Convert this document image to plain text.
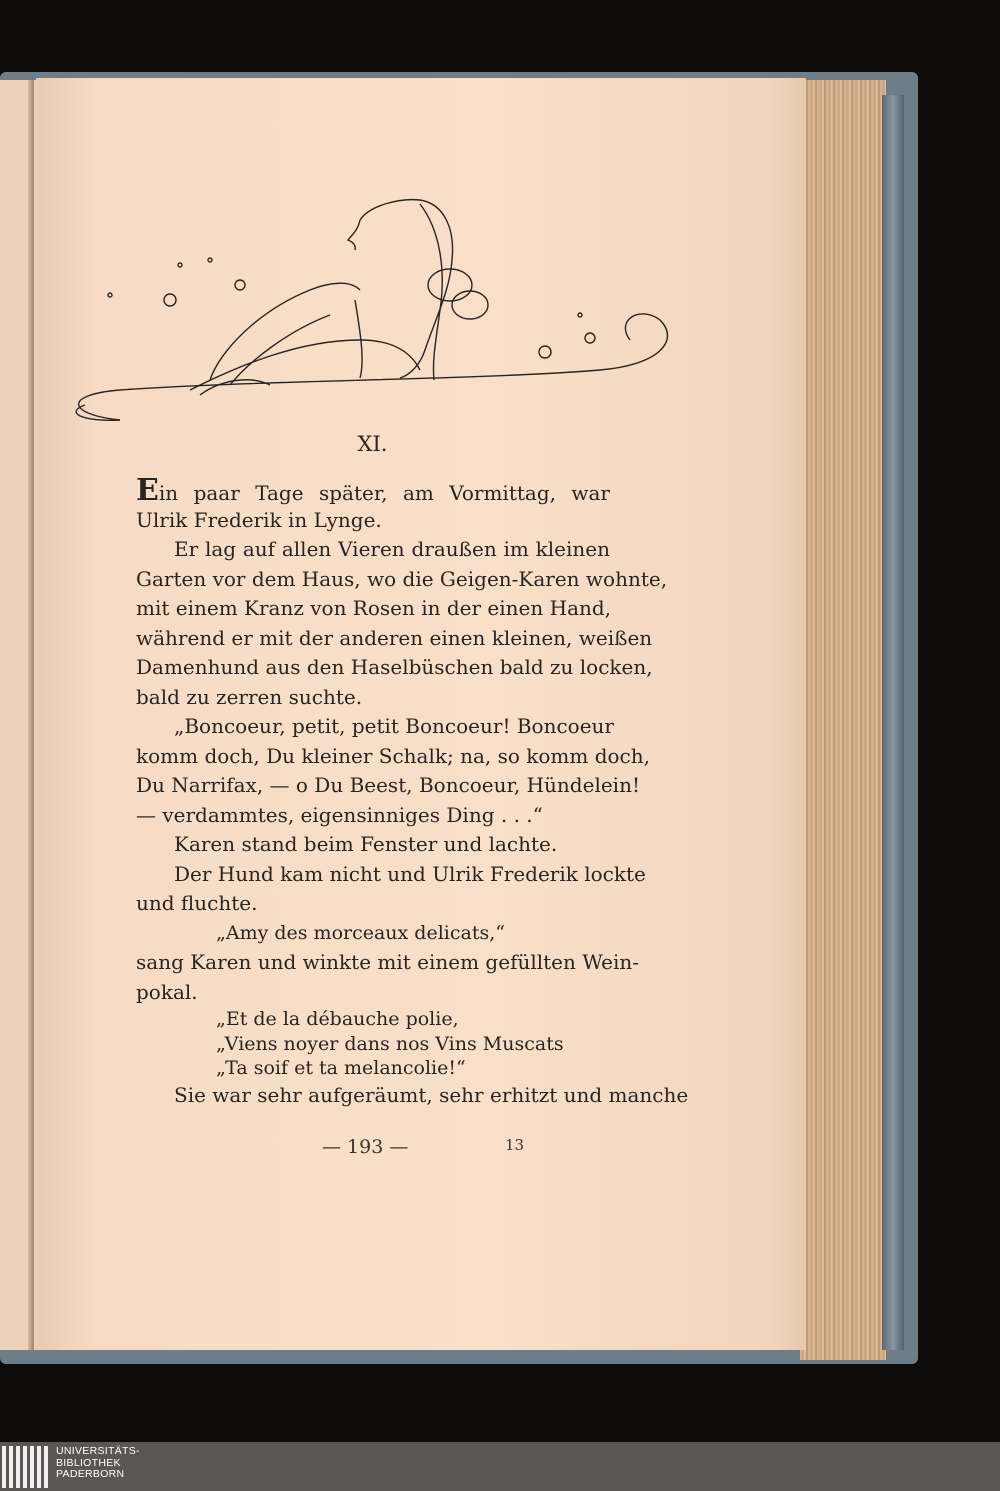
XI.
Ein paar Tage später, am Vormittag, war
Ulrik Frederik in Lynge.
Er lag auf allen Vieren draußen im kleinen
Garten vor dem Haus, wo die Geigen-Karen wohnte,
mit einem Kranz von Rosen in der einen Hand,
während er mit der anderen einen kleinen, weißen
Damenhund aus den Haselbüschen bald zu locken,
bald zu zerren suchte.
„Boncoeur, petit, petit Boncoeur! Boncoeur
komm doch, Du kleiner Schalk; na, so komm doch,
Du Narrifax, — o Du Beest, Boncoeur, Hündelein!
— verdammtes, eigensinniges Ding . . .“
Karen stand beim Fenster und lachte.
Der Hund kam nicht und Ulrik Frederik lockte
und fluchte.
„Amy des morceaux delicats,“
sang Karen und winkte mit einem gefüllten Wein-
pokal.
„Et de la débauche polie,
„Viens noyer dans nos Vins Muscats
„Ta soif et ta melancolie!“
Sie war sehr aufgeräumt, sehr erhitzt und manche
— 193 —	13
UNIVERSITÄTS-
BIBLIOTHEK
PADERBORN
